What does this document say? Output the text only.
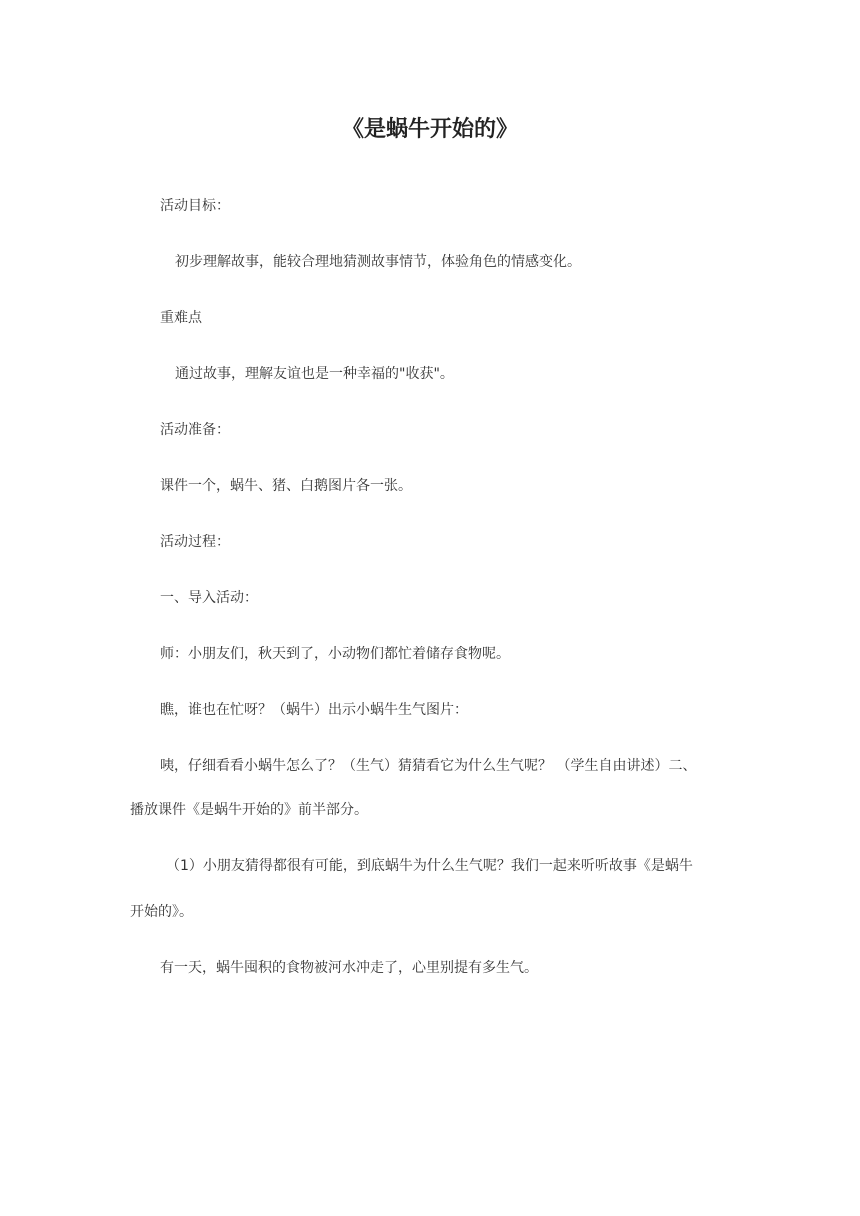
《是蜗牛开始的》
活动目标：
初步理解故事，能较合理地猜测故事情节，体验角色的情感变化。
重难点
通过故事，理解友谊也是一种幸福的"收获"。
活动准备：
课件一个，蜗牛、猪、白鹅图片各一张。
活动过程：
一、导入活动：
师：小朋友们，秋天到了，小动物们都忙着储存食物呢。
瞧，谁也在忙呀？（蜗牛）出示小蜗牛生气图片：
咦，仔细看看小蜗牛怎么了？（生气）猜猜看它为什么生气呢？ （学生自由讲述）二、
播放课件《是蜗牛开始的》前半部分。
（1）小朋友猜得都很有可能，到底蜗牛为什么生气呢？我们一起来听听故事《是蜗牛
开始的》。
有一天，蜗牛囤积的食物被河水冲走了，心里别提有多生气。
